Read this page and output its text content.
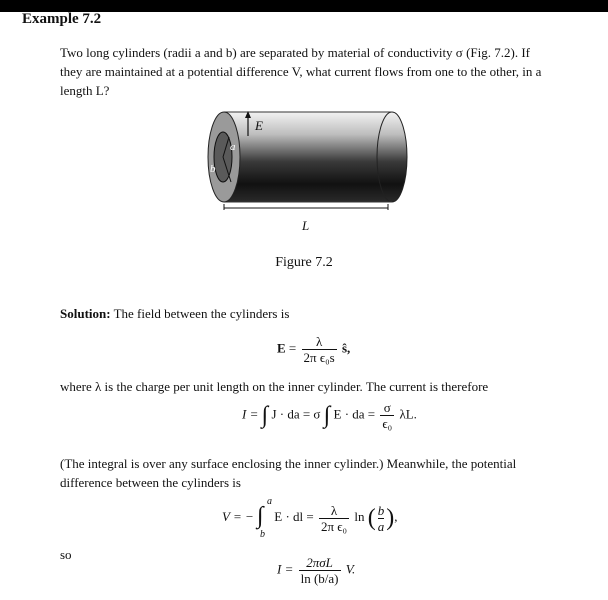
Example 7.2
Two long cylinders (radii a and b) are separated by material of conductivity σ (Fig. 7.2). If
they are maintained at a potential difference V, what current flows from one to the other, in a
length L?
E
a
b
L
Figure 7.2
Solution: The field between the cylinders is
$E = \frac{\lambda}{\text{2π ϵ₀s}}$ ŝ,
where λ is the charge per unit length on the inner cylinder. The current is therefore
I = ∫ J · da = σ ∫ E · da = $\frac{\sigma}{\text{ϵ₀}} \lambda L$.
(The integral is over any surface enclosing the inner cylinder.) Meanwhile, the potential
difference between the cylinders is
V = − ∫
a
b
E · dl = $\frac{\lambda}{\text{2π ϵ₀}}$ ln ( $\frac{b}{a}$ ),
so
$I = \frac{\text{2πσL}}{\ln (b/a)} V$.
